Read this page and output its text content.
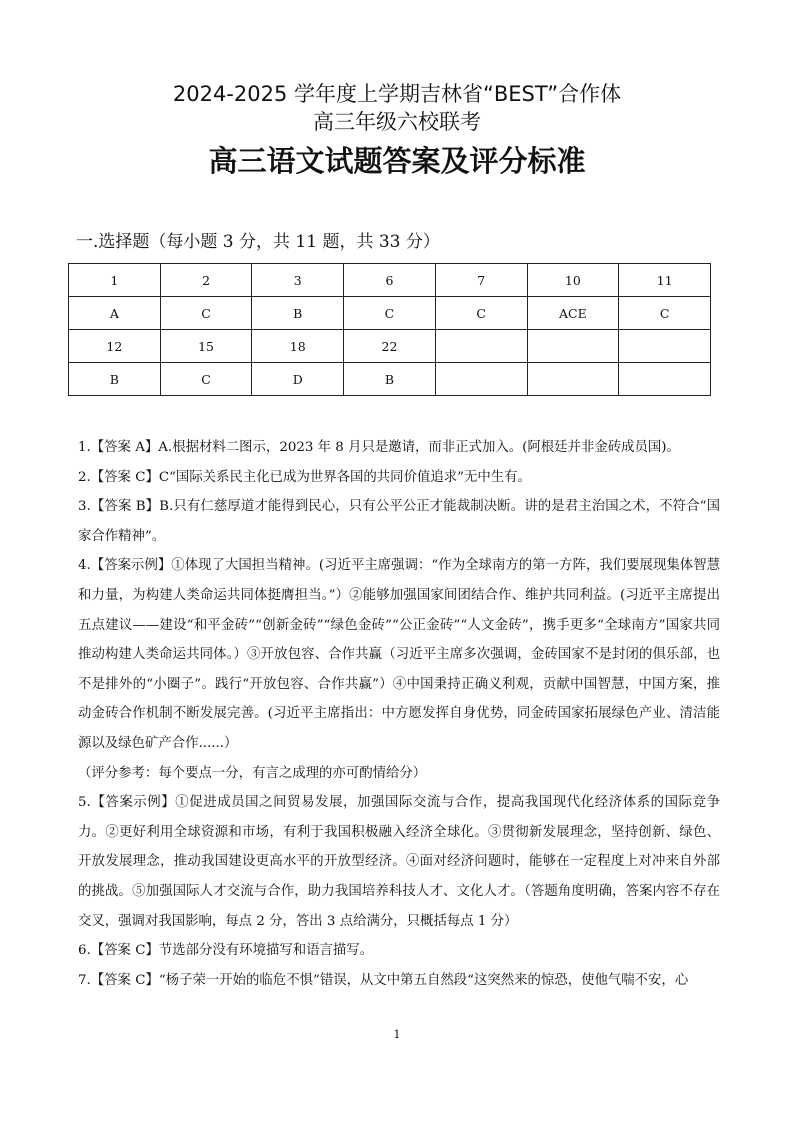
2024-2025 学年度上学期吉林省“BEST”合作体
高三年级六校联考
高三语文试题答案及评分标准
一.选择题（每小题 3 分，共 11 题，共 33 分）
1	2	3	6	7	10	11
A	C	B	C	C	ACE	C
12	15	18	22			
B	C	D	B			

1.【答案 A】A.根据材料二图示，2023 年 8 月只是邀请，而非正式加入。(阿根廷并非金砖成员国)。

2.【答案 C】C“国际关系民主化已成为世界各国的共同价值追求”无中生有。

3.【答案 B】B.只有仁慈厚道才能得到民心，只有公平公正才能裁制决断。讲的是君主治国之术，不符合“国家合作精神”。

4.【答案示例】①体现了大国担当精神。(习近平主席强调：“作为全球南方的第一方阵，我们要展现集体智慧和力量，为构建人类命运共同体挺膺担当。”）②能够加强国家间团结合作、维护共同利益。(习近平主席提出五点建议——建设“和平金砖”“创新金砖”“绿色金砖”“公正金砖”“人文金砖”，携手更多“全球南方”国家共同推动构建人类命运共同体。）③开放包容、合作共赢（习近平主席多次强调，金砖国家不是封闭的俱乐部，也不是排外的“小圈子”。践行“开放包容、合作共赢”）④中国秉持正确义利观，贡献中国智慧，中国方案，推动金砖合作机制不断发展完善。(习近平主席指出：中方愿发挥自身优势，同金砖国家拓展绿色产业、清洁能源以及绿色矿产合作......）

（评分参考：每个要点一分，有言之成理的亦可酌情给分）

5.【答案示例】①促进成员国之间贸易发展，加强国际交流与合作，提高我国现代化经济体系的国际竞争力。②更好利用全球资源和市场，有利于我国积极融入经济全球化。③贯彻新发展理念，坚持创新、绿色、开放发展理念，推动我国建设更高水平的开放型经济。④面对经济问题时，能够在一定程度上对冲来自外部的挑战。⑤加强国际人才交流与合作，助力我国培养科技人才、文化人才。（答题角度明确，答案内容不存在交叉，强调对我国影响，每点 2 分，答出 3 点给满分，只概括每点 1 分）

6.【答案 C】节选部分没有环境描写和语言描写。

7.【答案 C】“杨子荣一开始的临危不惧”错误，从文中第五自然段“这突然来的惊恐，使他气喘不安，心

1
